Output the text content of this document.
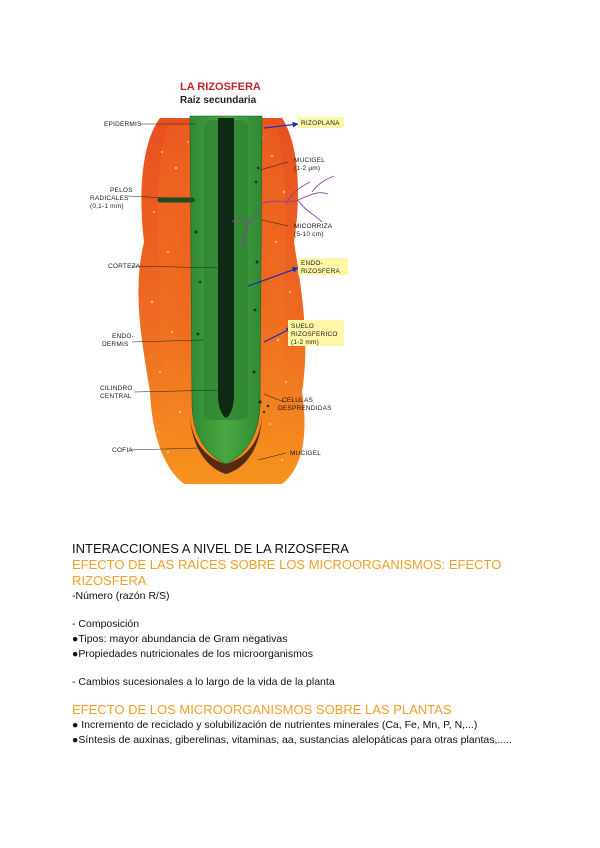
LA RIZOSFERA
Raíz secundaria
EPIDERMIS	RIZOPLANA
MUCIGEL
(1-2 μm)
PELOS
RADICALES
(0,1-1 mm)
MICORRIZA
(5-10 cm)
CORTEZA	ENDO-
RIZOSFERA
SUELO
RIZOSFERICO
(1-2 mm)
ENDO-
DERMIS
CILINDRO
CENTRAL
CELULAS
DESPRENDIDAS
COFIA	MUCIGEL
INTERACCIONES A NIVEL DE LA RIZOSFERA
EFECTO DE LAS RAÍCES SOBRE LOS MICROORGANISMOS: EFECTO RIZOSFERA
-Número (razón R/S)
- Composición
●Tipos: mayor abundancia de Gram negativas
●Propiedades nutricionales de los microorganismos
- Cambios sucesionales a lo largo de la vida de la planta
EFECTO DE LOS MICROORGANISMOS SOBRE LAS PLANTAS
● Incremento de reciclado y solubilización de nutrientes minerales (Ca, Fe, Mn, P, N,...)
●Síntesis de auxinas, giberelinas, vitaminas, aa, sustancias alelopáticas para otras plantas,.....
